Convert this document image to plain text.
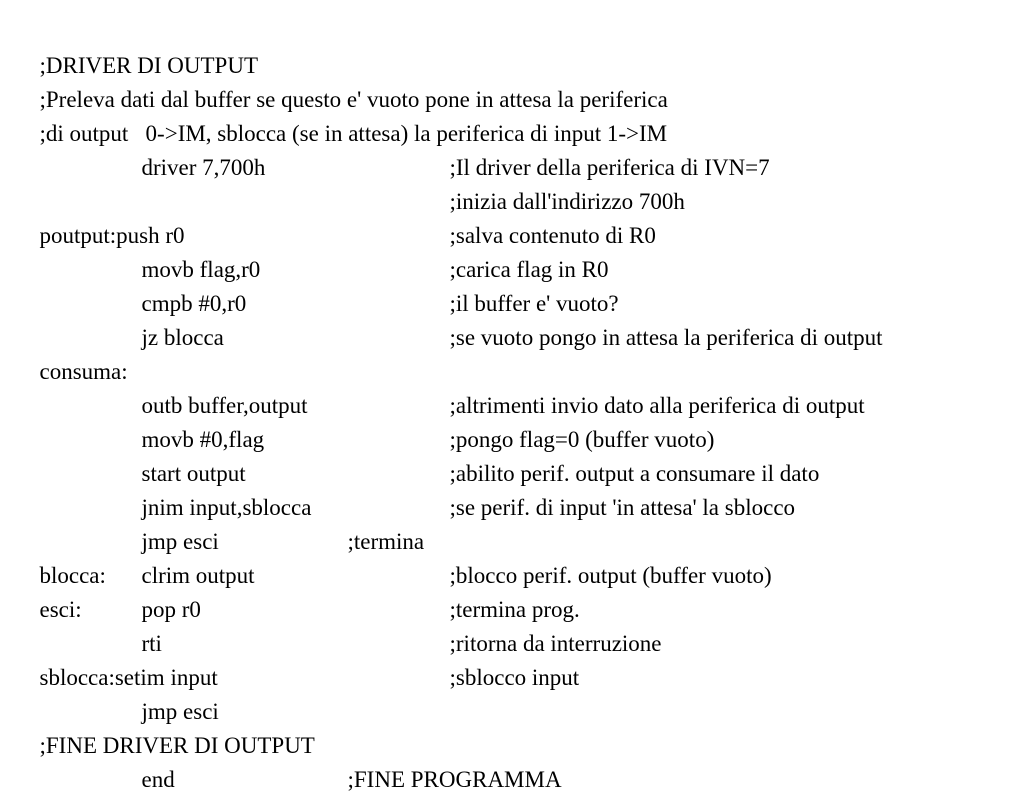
;DRIVER DI OUTPUT

;Preleva dati dal buffer se questo e' vuoto pone in attesa la periferica

;di output   0->IM, sblocca (se in attesa) la periferica di input 1->IM

driver 7,700h	;Il driver della periferica di IVN=7

;inizia dall'indirizzo 700h

poutput:push r0	;salva contenuto di R0

movb flag,r0	;carica flag in R0

cmpb #0,r0	;il buffer e' vuoto?

jz blocca	;se vuoto pongo in attesa la periferica di output

consuma:

outb buffer,output	;altrimenti invio dato alla periferica di output

movb #0,flag	;pongo flag=0 (buffer vuoto)

start output	;abilito perif. output a consumare il dato

jnim input,sblocca	;se perif. di input 'in attesa' la sblocco

jmp esci	;termina

blocca:	clrim output	;blocco perif. output (buffer vuoto)

esci:	pop r0	;termina prog.

rti	;ritorna da interruzione

sblocca:setim input	;sblocco input

jmp esci

;FINE DRIVER DI OUTPUT

end	;FINE PROGRAMMA
